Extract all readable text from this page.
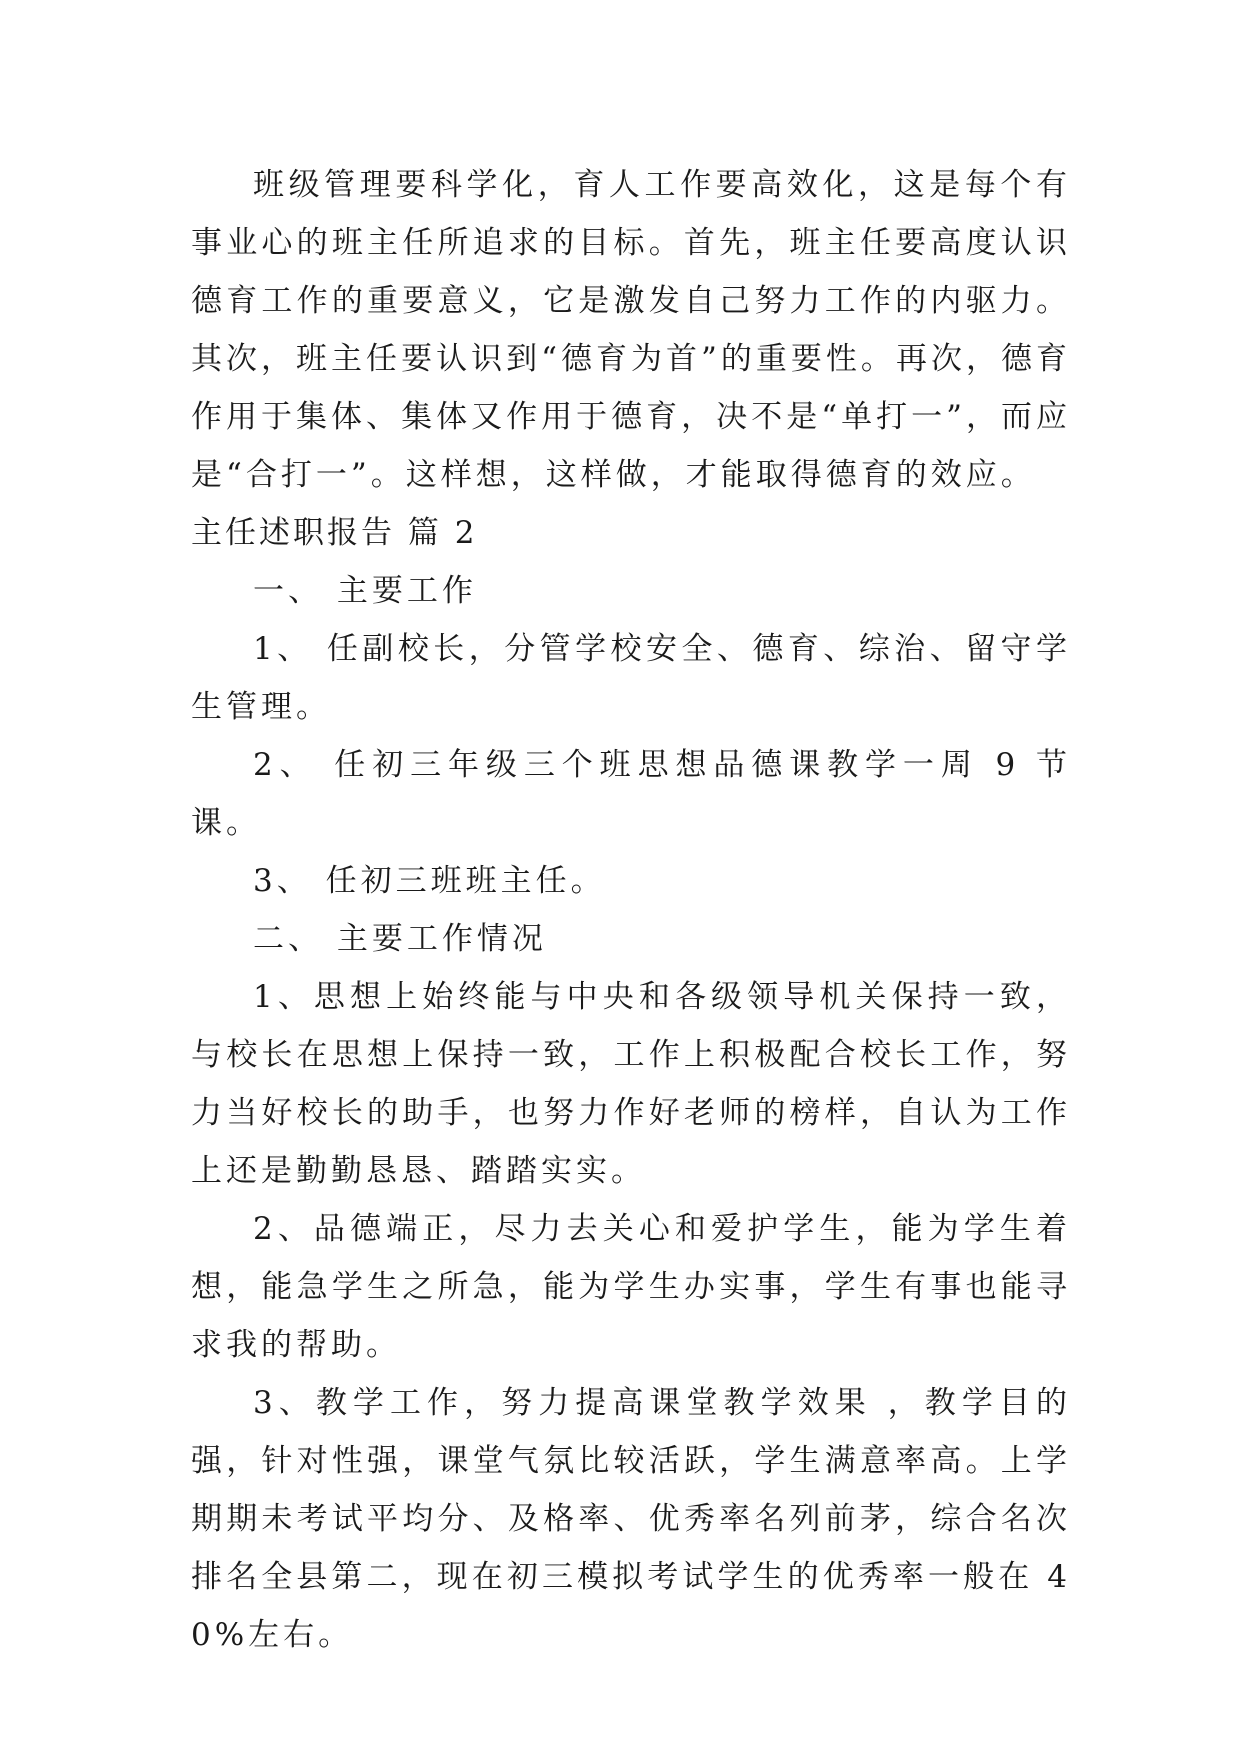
班级管理要科学化，育人工作要高效化，这是每个有事业心的班主任所追求的目标。首先，班主任要高度认识德育工作的重要意义，它是激发自己努力工作的内驱力。其次，班主任要认识到“德育为首”的重要性。再次，德育作用于集体、集体又作用于德育，决不是“单打一”，而应是“合打一”。这样想，这样做，才能取得德育的效应。

主任述职报告 篇 2

一、 主要工作

1、 任副校长，分管学校安全、德育、综治、留守学生管理。

2、 任初三年级三个班思想品德课教学一周 9 节课。

3、 任初三班班主任。

二、 主要工作情况

1、思想上始终能与中央和各级领导机关保持一致，与校长在思想上保持一致，工作上积极配合校长工作，努力当好校长的助手，也努力作好老师的榜样，自认为工作上还是勤勤恳恳、踏踏实实。

2、品德端正，尽力去关心和爱护学生，能为学生着想，能急学生之所急，能为学生办实事，学生有事也能寻求我的帮助。

3、教学工作，努力提高课堂教学效果 ，教学目的强，针对性强，课堂气氛比较活跃，学生满意率高。上学期期未考试平均分、及格率、优秀率名列前茅，综合名次排名全县第二，现在初三模拟考试学生的优秀率一般在 40%左右。
